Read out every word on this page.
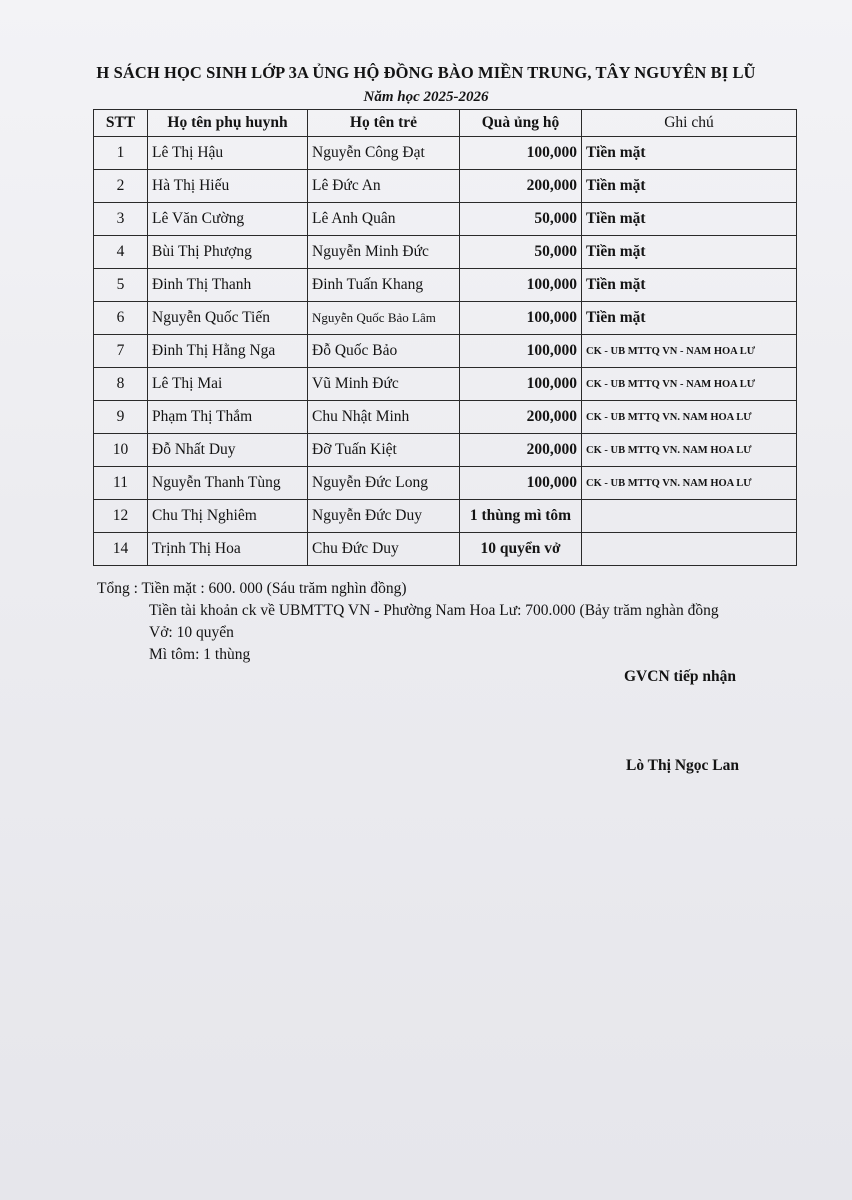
H SÁCH HỌC SINH LỚP 3A ỦNG HỘ ĐỒNG BÀO MIỀN TRUNG, TÂY NGUYÊN BỊ LŨ
Năm học 2025-2026
STT	Họ tên phụ huynh	Họ tên trẻ	Quà ủng hộ	Ghi chú
1	Lê Thị Hậu	Nguyễn Công Đạt	100,000	Tiền mặt
2	Hà Thị Hiếu	Lê Đức An	200,000	Tiền mặt
3	Lê Văn Cường	Lê Anh Quân	50,000	Tiền mặt
4	Bùi Thị Phượng	Nguyễn Minh Đức	50,000	Tiền mặt
5	Đinh Thị Thanh	Đinh Tuấn Khang	100,000	Tiền mặt
6	Nguyễn Quốc Tiến	Nguyễn Quốc Bảo Lâm	100,000	Tiền mặt
7	Đinh Thị Hằng Nga	Đỗ Quốc Bảo	100,000	CK - UB MTTQ VN - NAM HOA LƯ
8	Lê Thị Mai	Vũ Minh Đức	100,000	CK - UB MTTQ VN - NAM HOA LƯ
9	Phạm Thị Thắm	Chu Nhật Minh	200,000	CK - UB MTTQ VN. NAM HOA LƯ
10	Đỗ Nhất Duy	Đỡ Tuấn Kiệt	200,000	CK - UB MTTQ VN. NAM HOA LƯ
11	Nguyễn Thanh Tùng	Nguyễn Đức Long	100,000	CK - UB MTTQ VN. NAM HOA LƯ
12	Chu Thị Nghiêm	Nguyễn Đức Duy	1 thùng mì tôm	
14	Trịnh Thị Hoa	Chu Đức Duy	10 quyển vở	
Tổng : Tiền mặt : 600. 000 (Sáu trăm nghìn đồng)
Tiền tài khoản ck về UBMTTQ VN - Phường Nam Hoa Lư: 700.000 (Bảy trăm nghàn đồng
Vở: 10 quyển
Mì tôm: 1 thùng
GVCN tiếp nhận
Lò Thị Ngọc Lan
